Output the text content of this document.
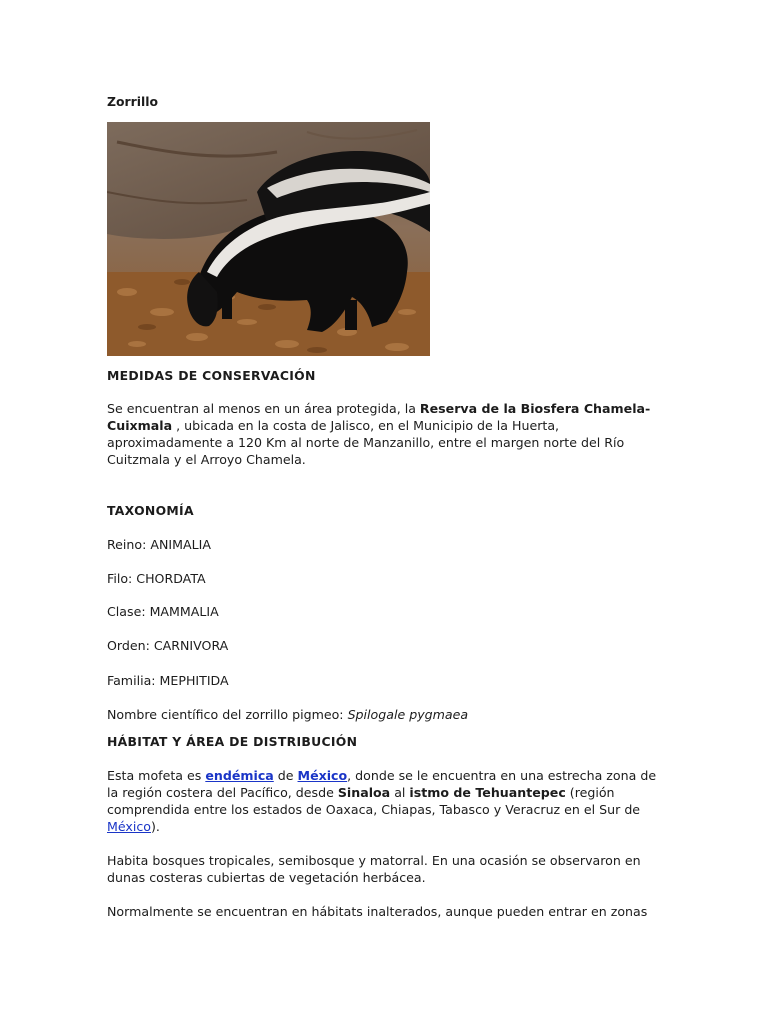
Zorrillo
MEDIDAS DE CONSERVACIÓN
Se encuentran al menos en un área protegida, la Reserva de la Biosfera Chamela-Cuixmala , ubicada en la costa de Jalisco, en el Municipio de la Huerta, aproximadamente a 120 Km al norte de Manzanillo, entre el margen norte del Río Cuitzmala y el Arroyo Chamela.
TAXONOMÍA
Reino: ANIMALIA
Filo: CHORDATA
Clase: MAMMALIA
Orden: CARNIVORA
Familia: MEPHITIDA
Nombre científico del zorrillo pigmeo: Spilogale pygmaea
HÁBITAT Y ÁREA DE DISTRIBUCIÓN
Esta mofeta es endémica de México, donde se le encuentra en una estrecha zona de la región costera del Pacífico, desde Sinaloa al istmo de Tehuantepec (región comprendida entre los estados de Oaxaca, Chiapas, Tabasco y Veracruz en el Sur de México).
Habita bosques tropicales, semibosque y matorral. En una ocasión se observaron en dunas costeras cubiertas de vegetación herbácea.
Normalmente se encuentran en hábitats inalterados, aunque pueden entrar en zonas
